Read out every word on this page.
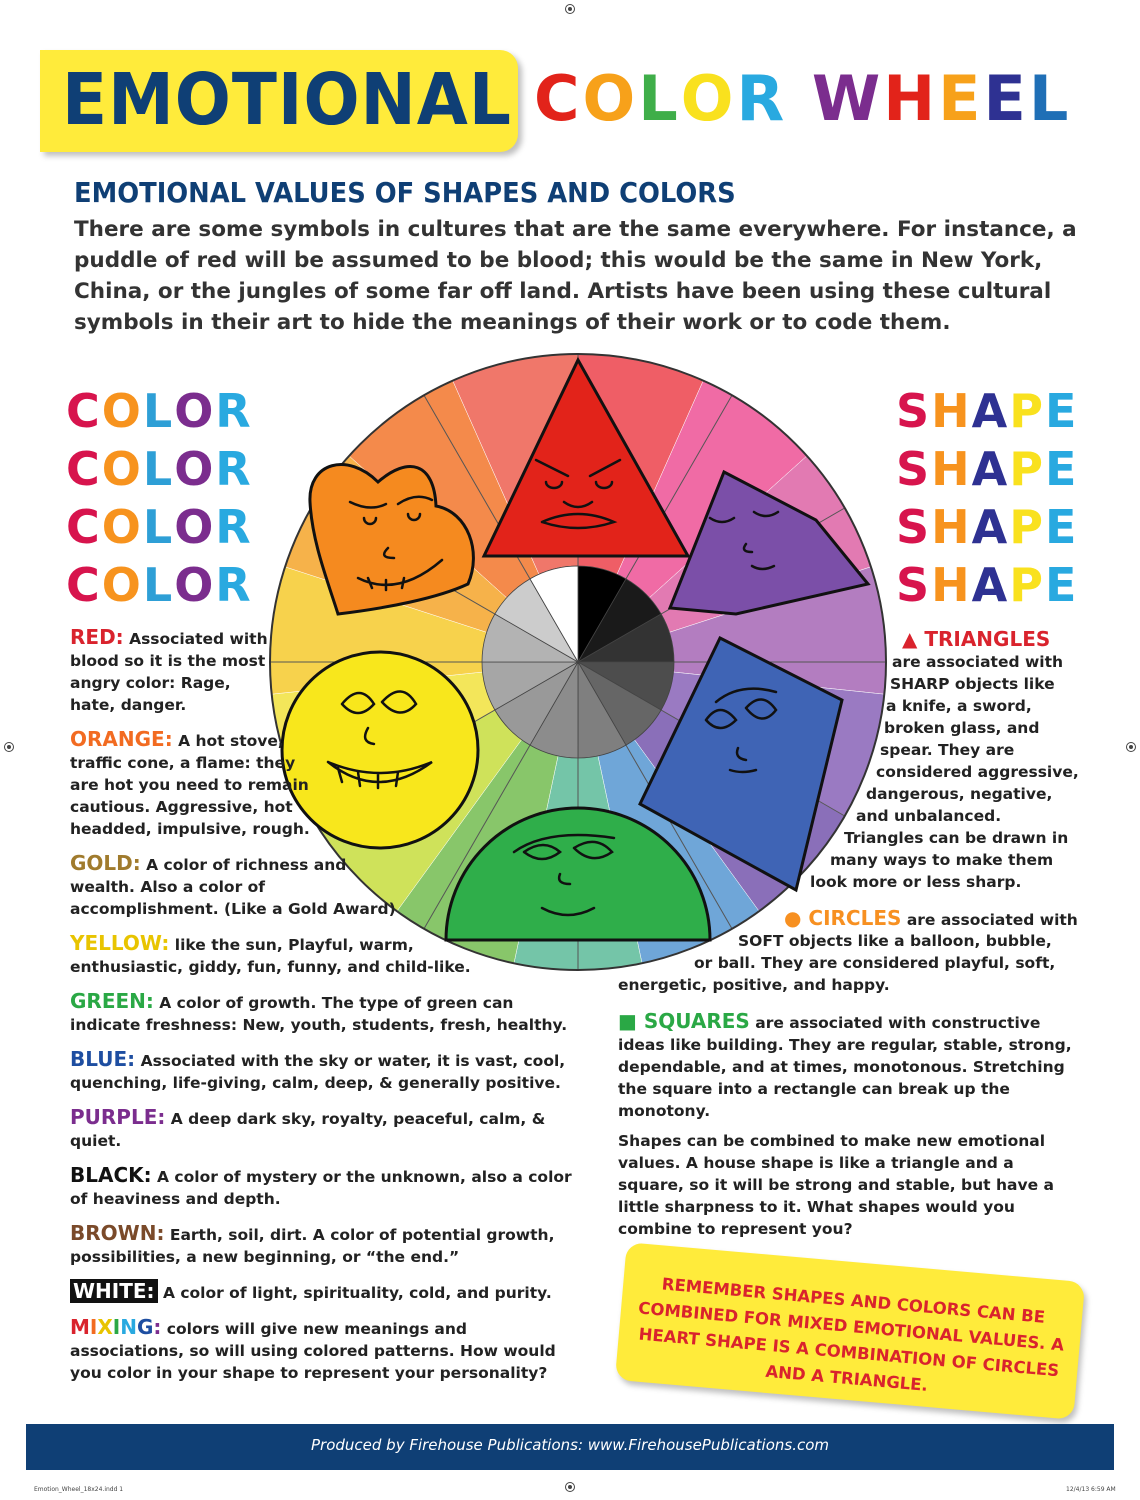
EMOTIONAL COLOR WHEEL
EMOTIONAL VALUES OF SHAPES AND COLORS
There are some symbols in cultures that are the same everywhere. For instance, a puddle of red will be assumed to be blood; this would be the same in New York, China, or the jungles of some far off land. Artists have been using these cultural symbols in their art to hide the meanings of their work or to code them.
COLOR
COLOR
COLOR
COLOR
SHAPE
SHAPE
SHAPE
SHAPE

RED: Associated with blood so it is the most angry color: Rage, hate, danger.

ORANGE: A hot stove, traffic cone, a flame: they are hot you need to remain cautious. Aggressive, hot headded, impulsive, rough.

GOLD: A color of richness and wealth. Also a color of accomplishment. (Like a Gold Award)

YELLOW: like the sun, Playful, warm, enthusiastic, giddy, fun, funny, and child-like.

GREEN: A color of growth. The type of green can indicate freshness: New, youth, students, fresh, healthy.

BLUE: Associated with the sky or water, it is vast, cool, quenching, life-giving, calm, deep, & generally positive.

PURPLE: A deep dark sky, royalty, peaceful, calm, & quiet.

BLACK: A color of mystery or the unknown, also a color of heaviness and depth.

BROWN: Earth, soil, dirt. A color of potential growth, possibilities, a new beginning, or “the end.”

WHITE: A color of light, spirituality, cold, and purity.

MIXING: colors will give new meanings and associations, so will using colored patterns. How would you color in your shape to represent your personality?

▲ TRIANGLES
are associated with
SHARP objects like
a knife, a sword,
broken glass, and
spear. They are
considered aggressive,
dangerous, negative,
and unbalanced.
Triangles can be drawn in
many ways to make them
look more or less sharp.
● CIRCLES are associated with
SOFT objects like a balloon, bubble,
or ball. They are considered playful, soft,
energetic, positive, and happy.
■ SQUARES are associated with constructive ideas like building. They are regular, stable, strong, dependable, and at times, monotonous. Stretching the square into a rectangle can break up the monotony.
Shapes can be combined to make new emotional values. A house shape is like a triangle and a square, so it will be strong and stable, but have a little sharpness to it. What shapes would you combine to represent you?
REMEMBER SHAPES AND COLORS CAN BE COMBINED FOR MIXED EMOTIONAL VALUES. A HEART SHAPE IS A COMBINATION OF CIRCLES AND A TRIANGLE.
Produced by Firehouse Publications: www.FirehousePublications.com
Emotion_Wheel_18x24.indd 1	12/4/13 6:59 AM
